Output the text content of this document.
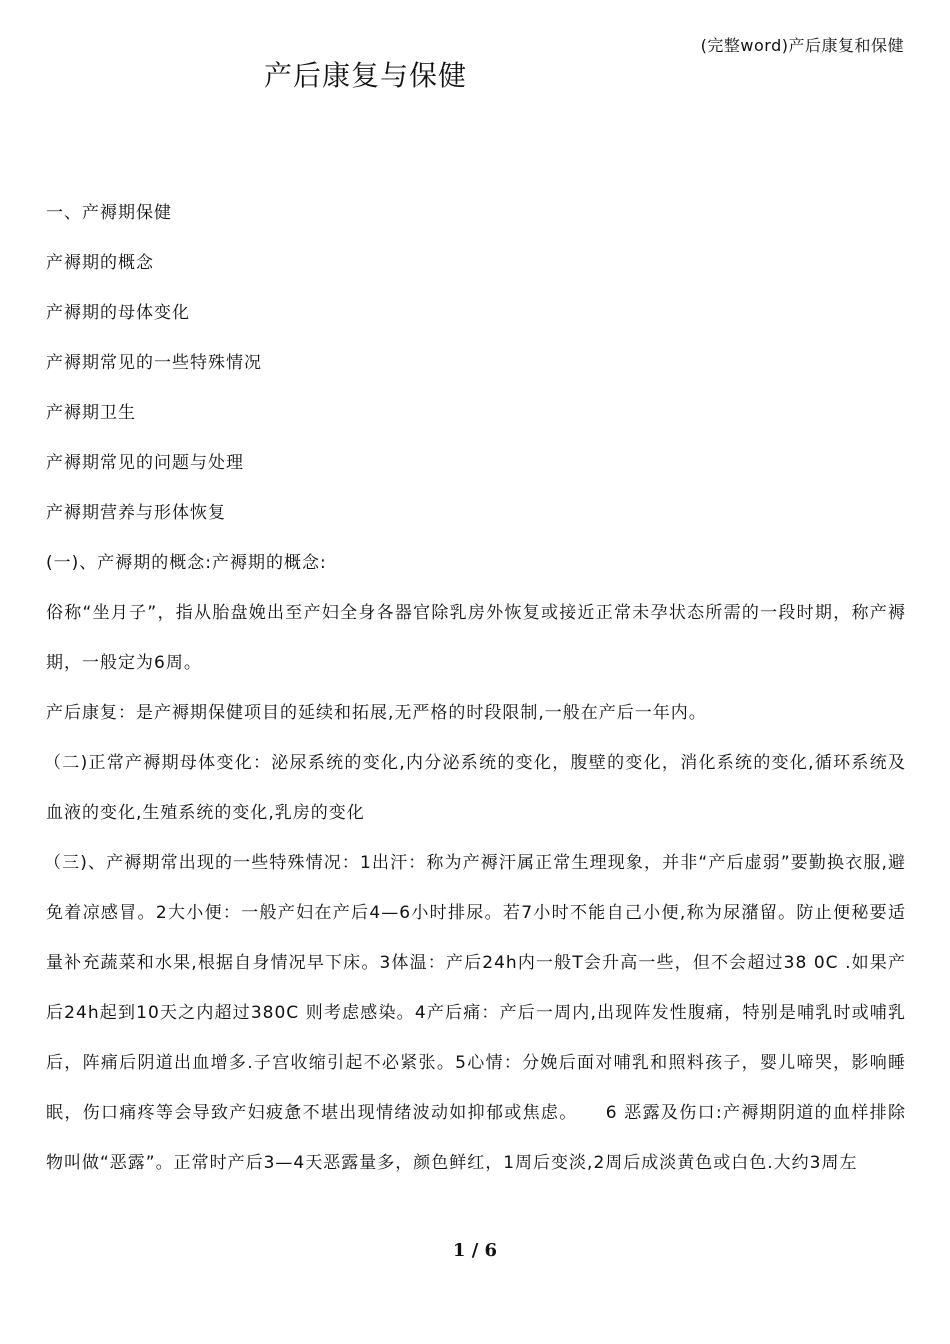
(完整word)产后康复和保健
产后康复与保健

一、产褥期保健

产褥期的概念

产褥期的母体变化

产褥期常见的一些特殊情况

产褥期卫生

产褥期常见的问题与处理

产褥期营养与形体恢复

(一)、产褥期的概念:产褥期的概念:

俗称“坐月子”，指从胎盘娩出至产妇全身各器官除乳房外恢复或接近正常未孕状态所需的一段时期，称产褥期，一般定为6周。

产后康复：是产褥期保健项目的延续和拓展,无严格的时段限制,一般在产后一年内。

（二)正常产褥期母体变化：泌尿系统的变化,内分泌系统的变化，腹壁的变化，消化系统的变化,循环系统及血液的变化,生殖系统的变化,乳房的变化

（三)、产褥期常出现的一些特殊情况：1出汗：称为产褥汗属正常生理现象，并非“产后虚弱”要勤换衣服,避免着凉感冒。2大小便：一般产妇在产后4—6小时排尿。若7小时不能自己小便,称为尿潴留。防止便秘要适量补充蔬菜和水果,根据自身情况早下床。3体温：产后24h内一般T会升高一些，但不会超过38 0C .如果产后24h起到10天之内超过380C 则考虑感染。4产后痛：产后一周内,出现阵发性腹痛，特别是哺乳时或哺乳后，阵痛后阴道出血增多.子宫收缩引起不必紧张。5心情：分娩后面对哺乳和照料孩子，婴儿啼哭，影响睡眠，伤口痛疼等会导致产妇疲惫不堪出现情绪波动如抑郁或焦虑。　　6 恶露及伤口:产褥期阴道的血样排除物叫做“恶露”。正常时产后3—4天恶露量多，颜色鲜红，1周后变淡,2周后成淡黄色或白色.大约3周左

1 / 6
